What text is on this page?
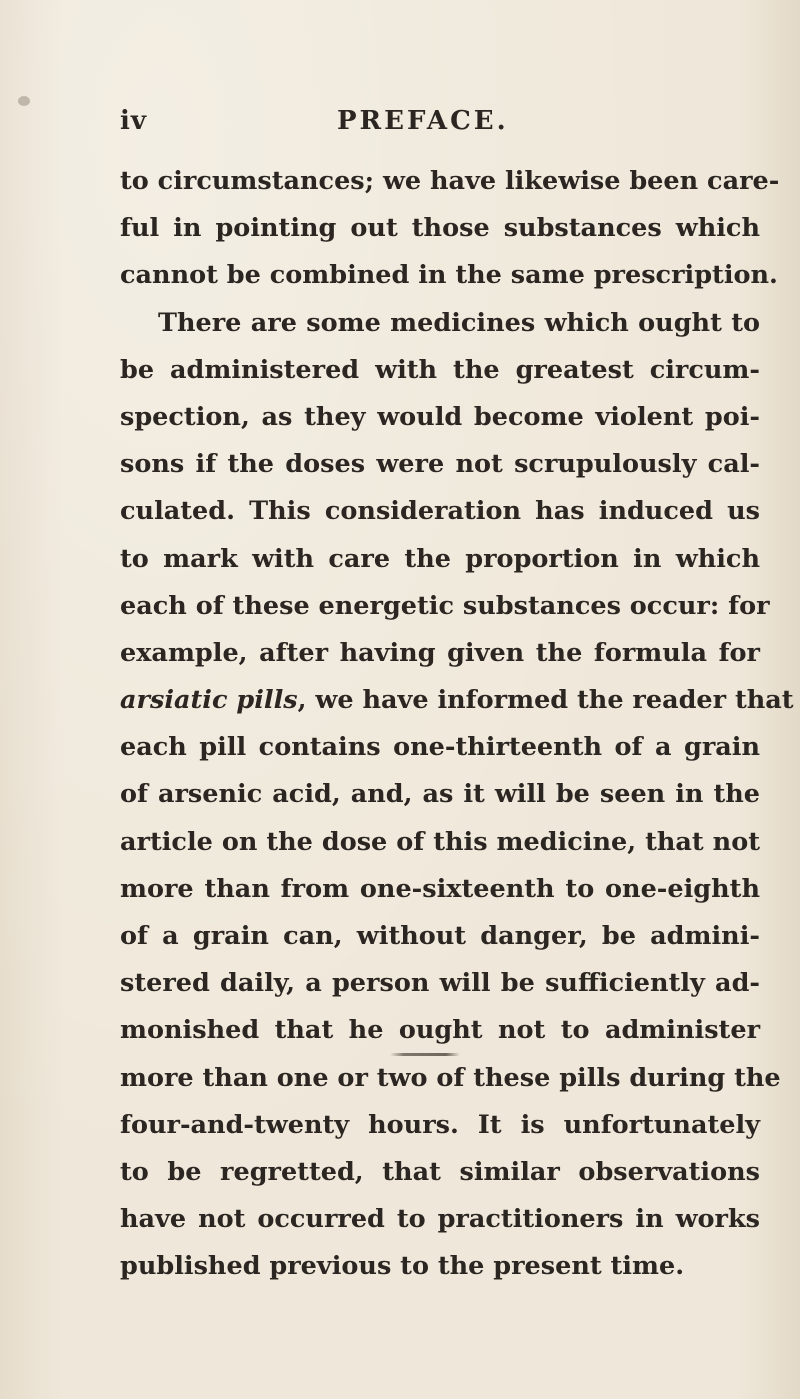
iv	PREFACE.
to circumstances; we have likewise been care-
ful in pointing out those substances which
cannot be combined in the same prescription.
There are some medicines which ought to
be administered with the greatest circum-
spection, as they would become violent poi-
sons if the doses were not scrupulously cal-
culated. This consideration has induced us
to mark with care the proportion in which
each of these energetic substances occur: for
example, after having given the formula for
arsiatic pills, we have informed the reader that
each pill contains one-thirteenth of a grain
of arsenic acid, and, as it will be seen in the
article on the dose of this medicine, that not
more than from one-sixteenth to one-eighth
of a grain can, without danger, be admini-
stered daily, a person will be sufficiently ad-
monished that he ought not to administer
more than one or two of these pills during the
four-and-twenty hours. It is unfortunately
to be regretted, that similar observations
have not occurred to practitioners in works
published previous to the present time.
